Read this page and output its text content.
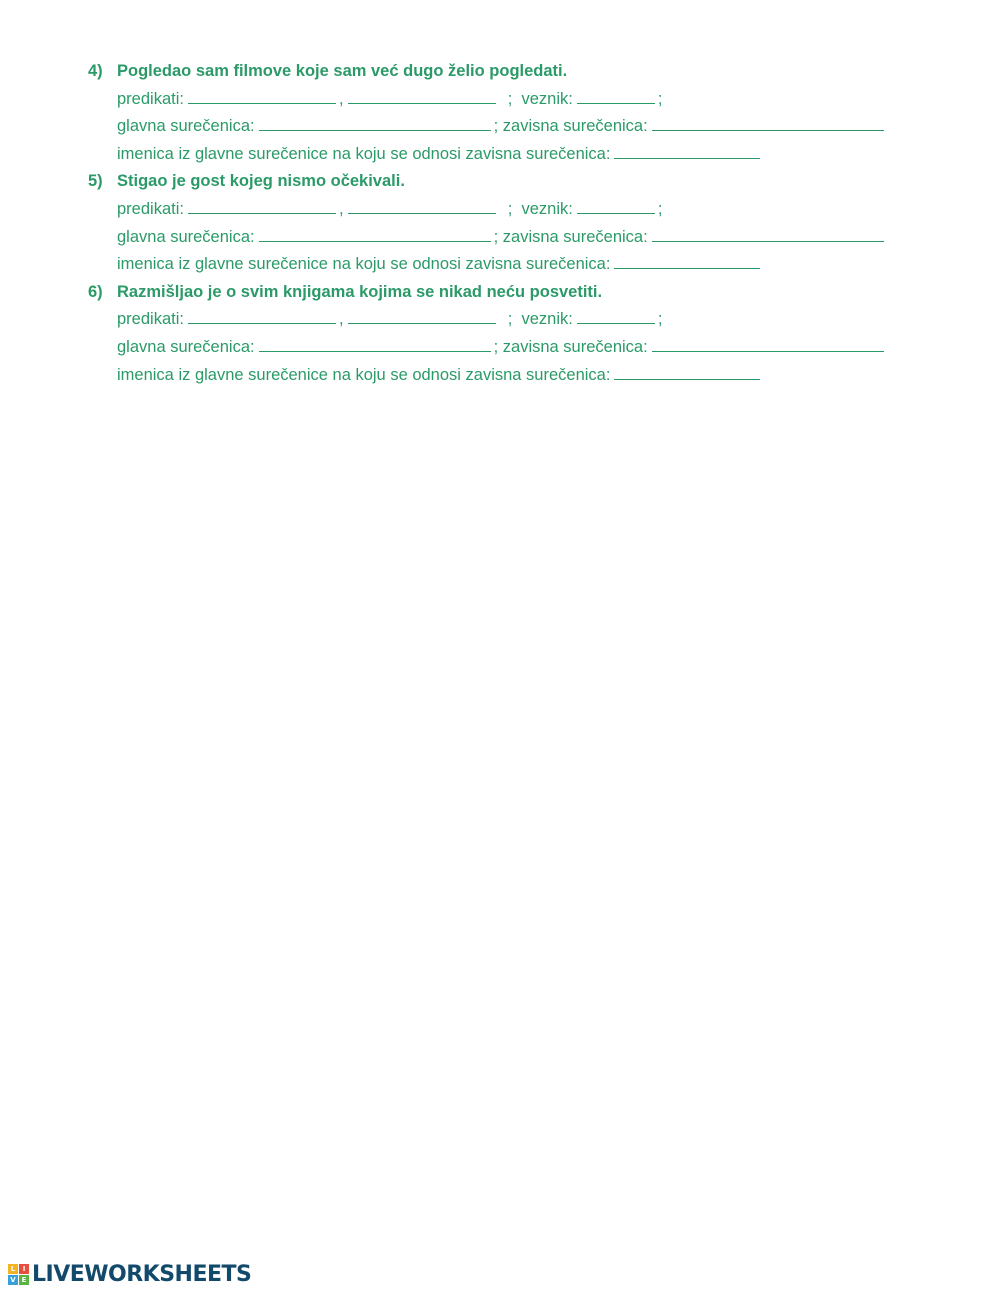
4) Pogledao sam filmove koje sam već dugo želio pogledati.
predikati:	,	;  veznik:	;
glavna surečenica:	; zavisna surečenica:
imenica iz glavne surečenice na koju se odnosi zavisna surečenica:
5) Stigao je gost kojeg nismo očekivali.
predikati:	,	;  veznik:	;
glavna surečenica:	; zavisna surečenica:
imenica iz glavne surečenice na koju se odnosi zavisna surečenica:
6) Razmišljao je o svim knjigama kojima se nikad neću posvetiti.
predikati:	,	;  veznik:	;
glavna surečenica:	; zavisna surečenica:
imenica iz glavne surečenice na koju se odnosi zavisna surečenica:
L	I
V E LIVEWORKSHEETS
